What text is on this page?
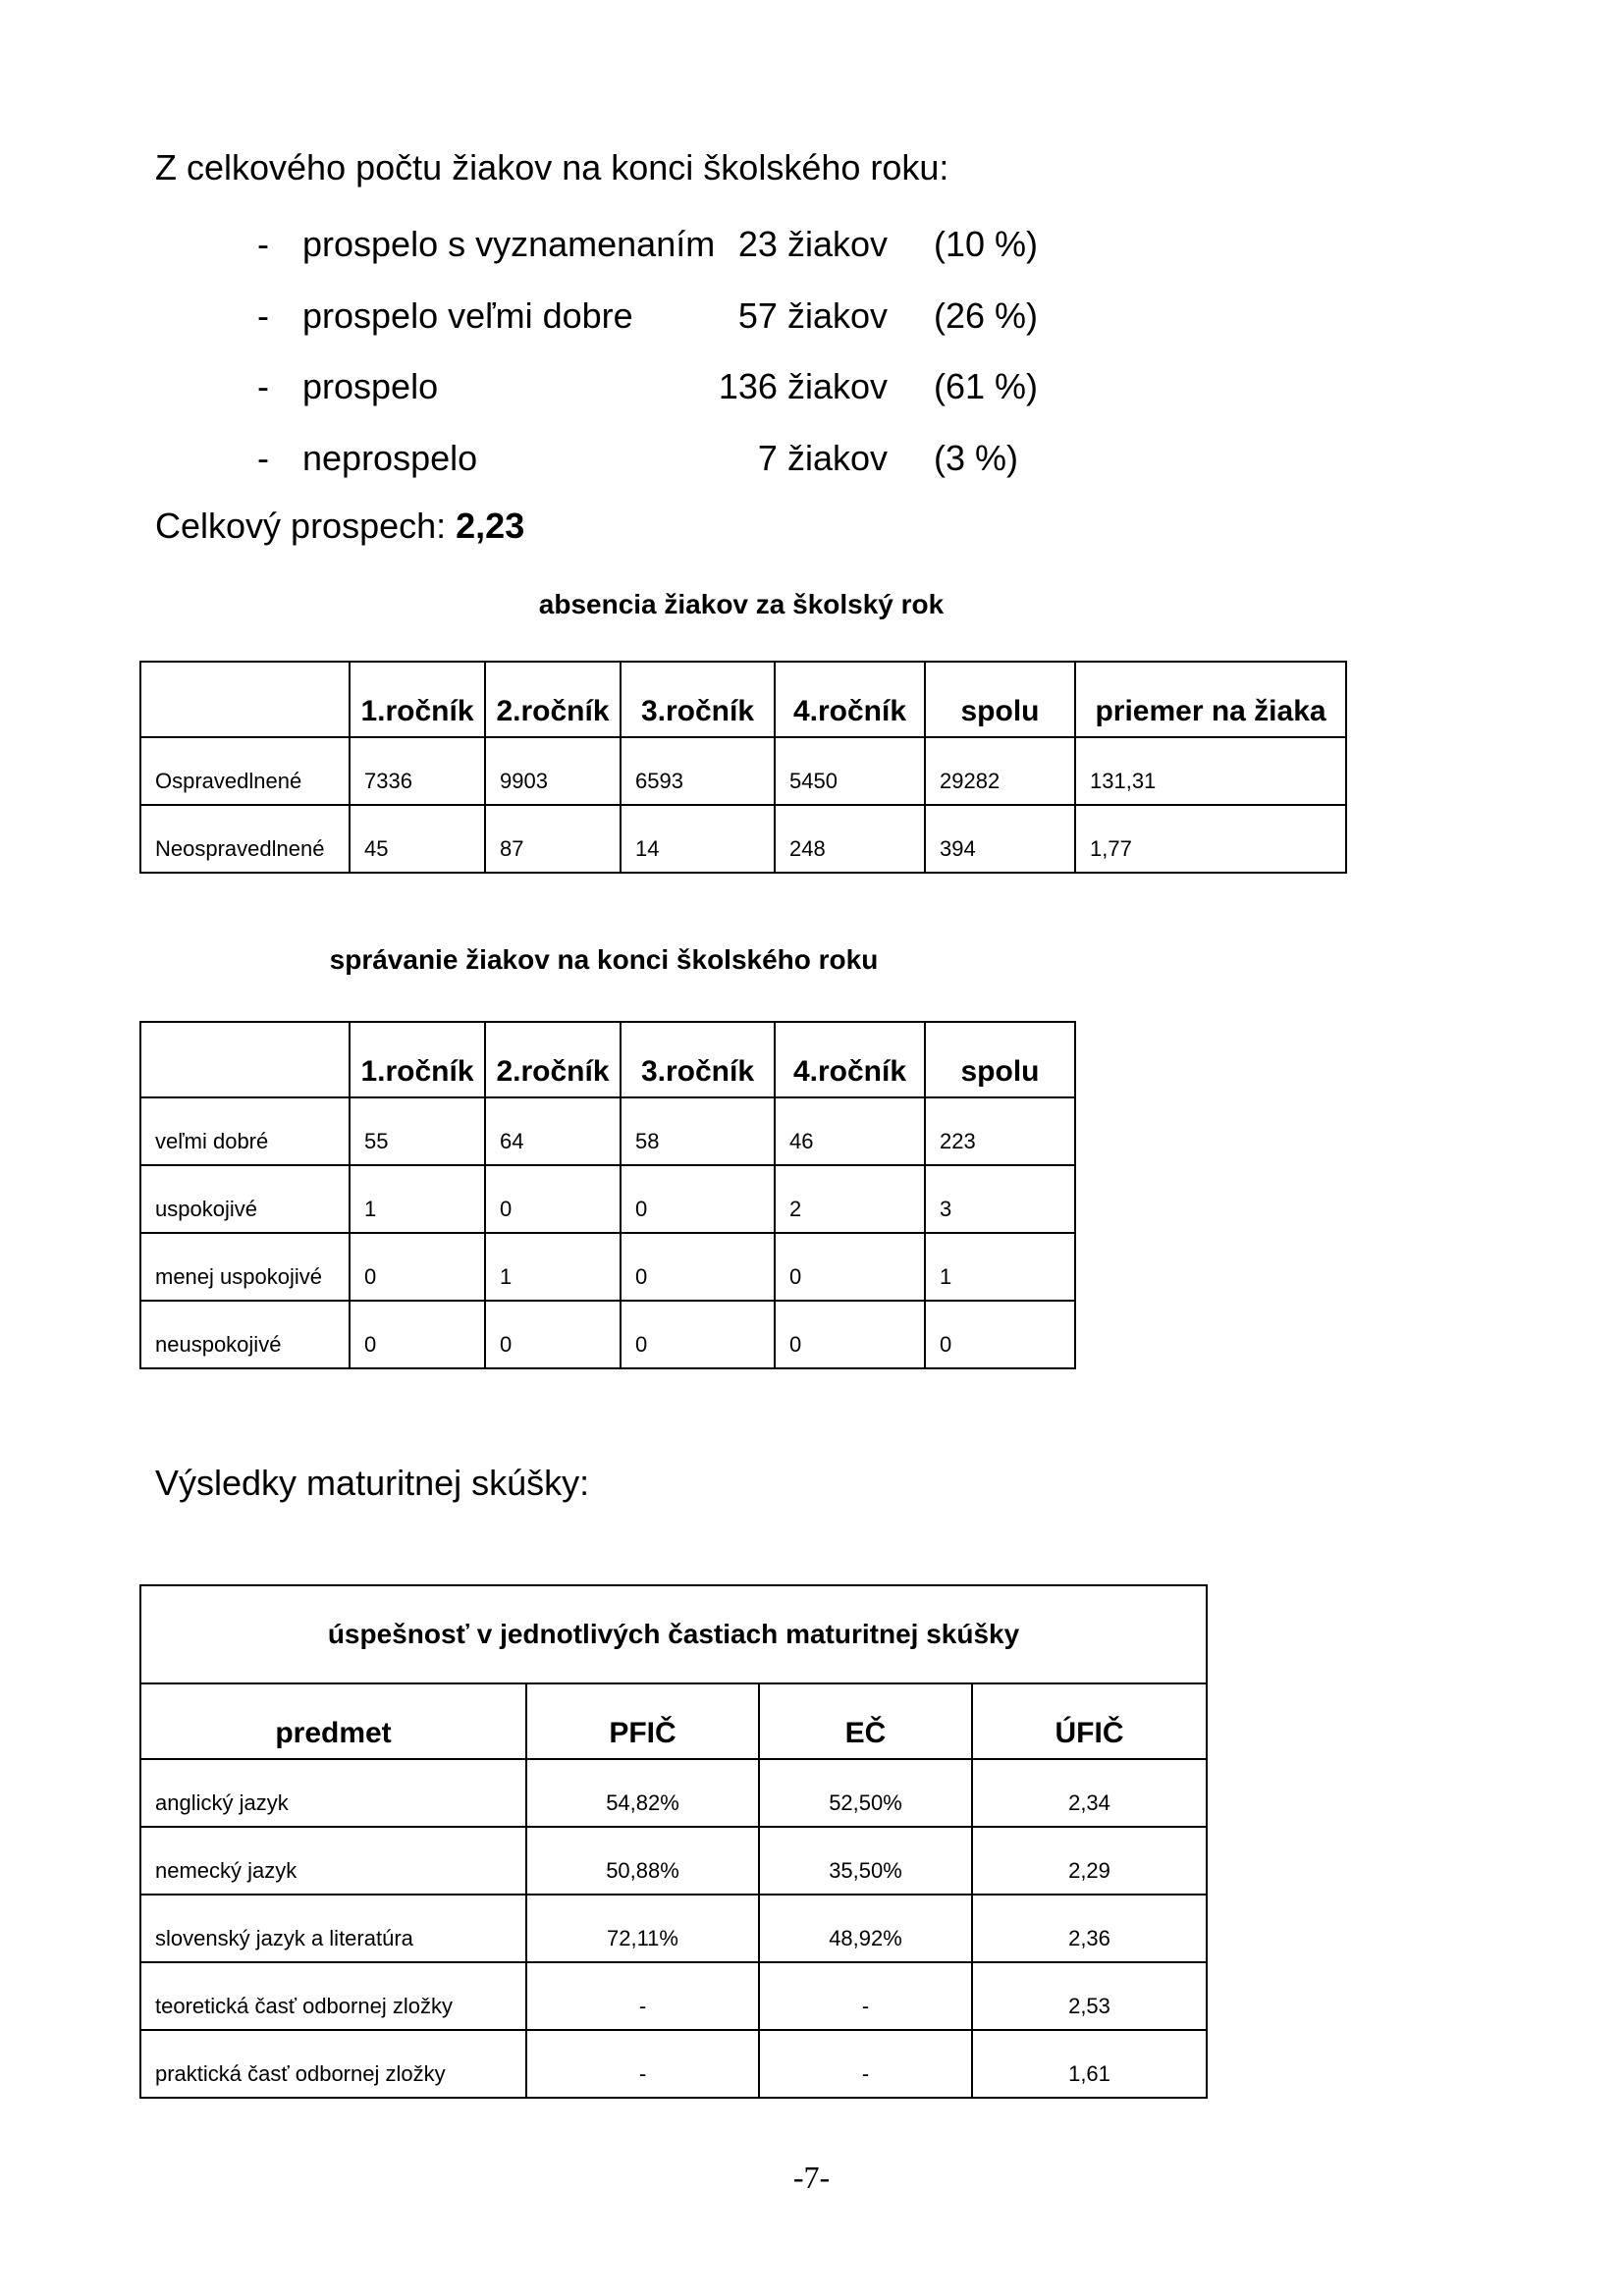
Z celkového počtu žiakov na konci školského roku:
- prospelo s vyznamenaním 23 žiakov (10 %)
- prospelo veľmi dobre	57 žiakov (26 %)
- prospelo	136 žiakov (61 %)
- neprospelo	7 žiakov (3 %)
Celkový prospech: 2,23
absencia žiakov za školský rok
	1.ročník	2.ročník	3.ročník	4.ročník	spolu	priemer na žiaka
Ospravedlnené	7336	9903	6593	5450	29282	131,31
Neospravedlnené	45	87	14	248	394	1,77
správanie žiakov na konci školského roku
	1.ročník	2.ročník	3.ročník	4.ročník	spolu
veľmi dobré	55	64	58	46	223
uspokojivé	1	0	0	2	3
menej uspokojivé	0	1	0	0	1
neuspokojivé	0	0	0	0	0
Výsledky maturitnej skúšky:
úspešnosť v jednotlivých častiach maturitnej skúšky			
predmet	PFIČ	EČ	ÚFIČ
anglický jazyk	54,82%	52,50%	2,34
nemecký jazyk	50,88%	35,50%	2,29
slovenský jazyk a literatúra	72,11%	48,92%	2,36
teoretická časť odbornej zložky	-	-	2,53
praktická časť odbornej zložky	-	-	1,61
-7-
